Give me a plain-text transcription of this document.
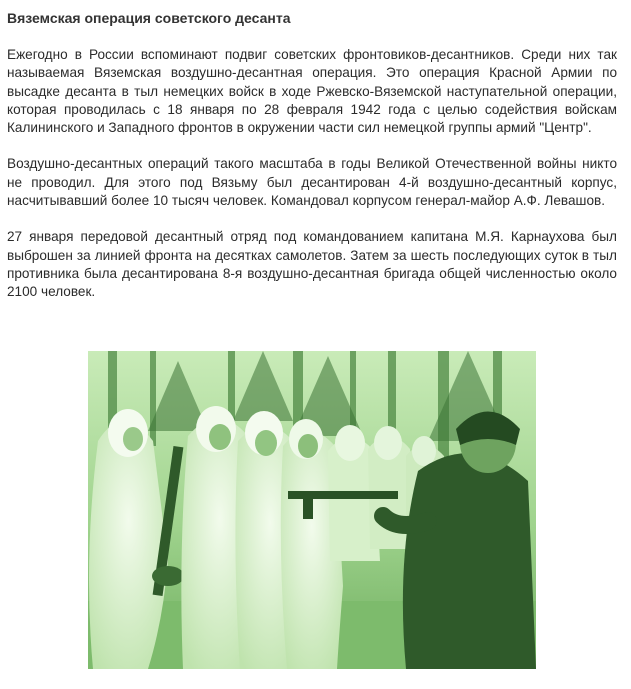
Вяземская операция советского десанта

Ежегодно в России вспоминают подвиг советских фронтовиков-десантников. Среди них так называемая Вяземская воздушно-десантная операция. Это операция Красной Армии по высадке десанта в тыл немецких войск в ходе Ржевско-Вяземской наступательной операции, которая проводилась с 18 января по 28 февраля 1942 года с целью содействия войскам Калининского и Западного фронтов в окружении части сил немецкой группы армий "Центр".

Воздушно-десантных операций такого масштаба в годы Великой Отечественной войны никто не проводил. Для этого под Вязьму был десантирован 4-й воздушно-десантный корпус, насчитывавший более 10 тысяч человек. Командовал корпусом генерал-майор А.Ф. Левашов.

27 января передовой десантный отряд под командованием капитана М.Я. Карнаухова был выброшен за линией фронта на десятках самолетов. Затем за шесть последующих суток в тыл противника была десантирована 8-я воздушно-десантная бригада общей численностью около 2100 человек.
